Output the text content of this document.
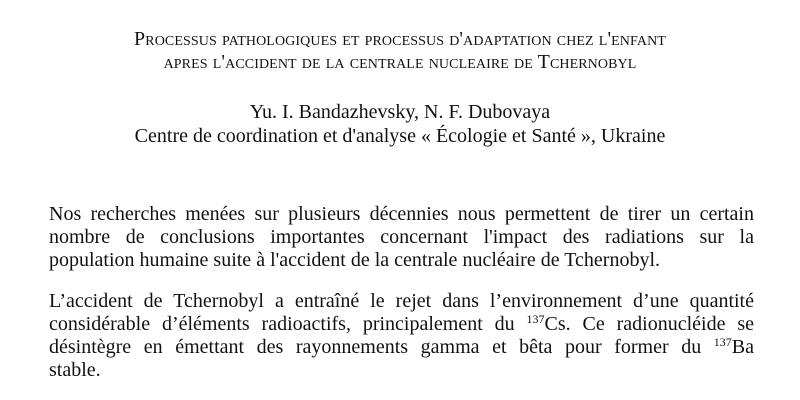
Processus pathologiques et processus d'adaptation chez l'enfant
apres l'accident de la centrale nucleaire de Tchernobyl
Yu. I. Bandazhevsky, N. F. Dubovaya
Centre de coordination et d'analyse « Écologie et Santé », Ukraine
Nos recherches menées sur plusieurs décennies nous permettent de tirer un certain
nombre de conclusions importantes concernant l'impact des radiations sur la
population humaine suite à l'accident de la centrale nucléaire de Tchernobyl.
L’accident de Tchernobyl a entraîné le rejet dans l’environnement d’une quantité
considérable d’éléments radioactifs, principalement du $^{137}$Cs. Ce radionucléide se
désintègre en émettant des rayonnements gamma et bêta pour former du $^{137}$Ba
stable.
